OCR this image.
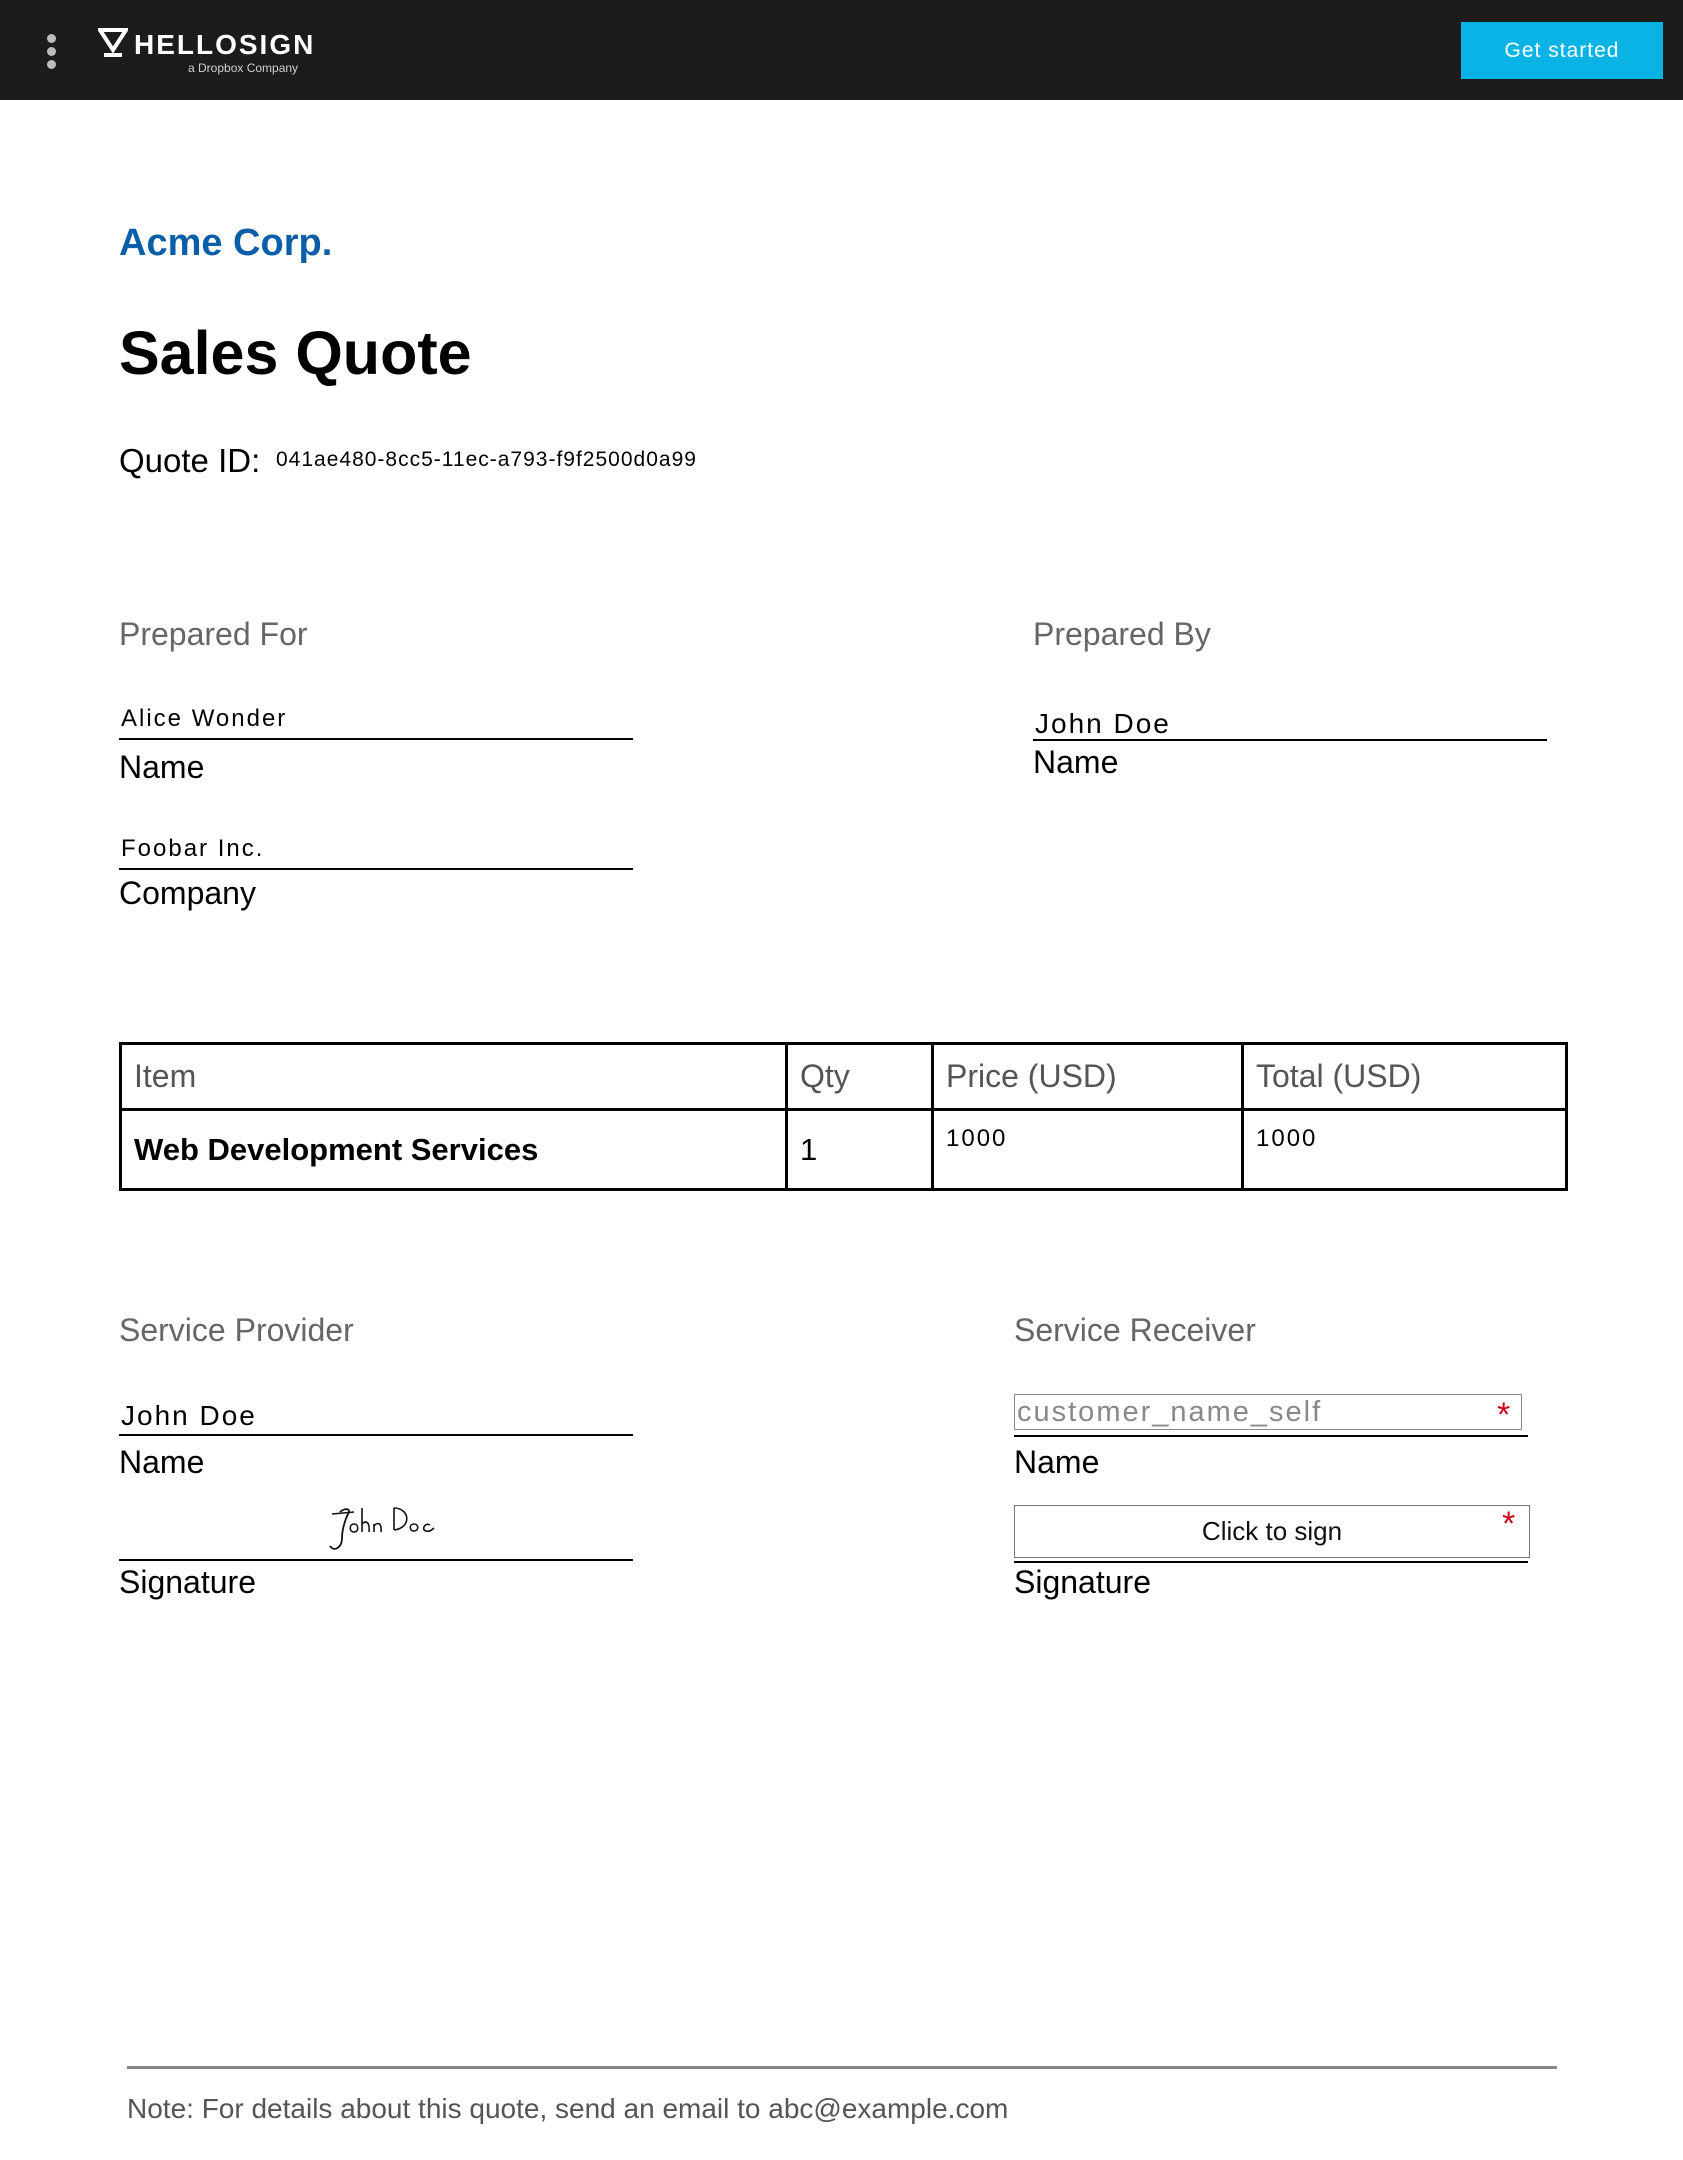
HELLOSIGN
a Dropbox Company
Get started
Acme Corp.
Sales Quote
Quote ID: 041ae480-8cc5-11ec-a793-f9f2500d0a99
Prepared For
Alice Wonder
Name
Foobar Inc.
Company
Prepared By
John Doe
Name
Item	Qty	Price (USD)	Total (USD)
Web Development Services	1	1000	1000
Service Provider
John Doe
Name
Signature
Service Receiver
customer_name_self
*
Name
Click to sign	*
Signature
Note: For details about this quote, send an email to abc@example.com
